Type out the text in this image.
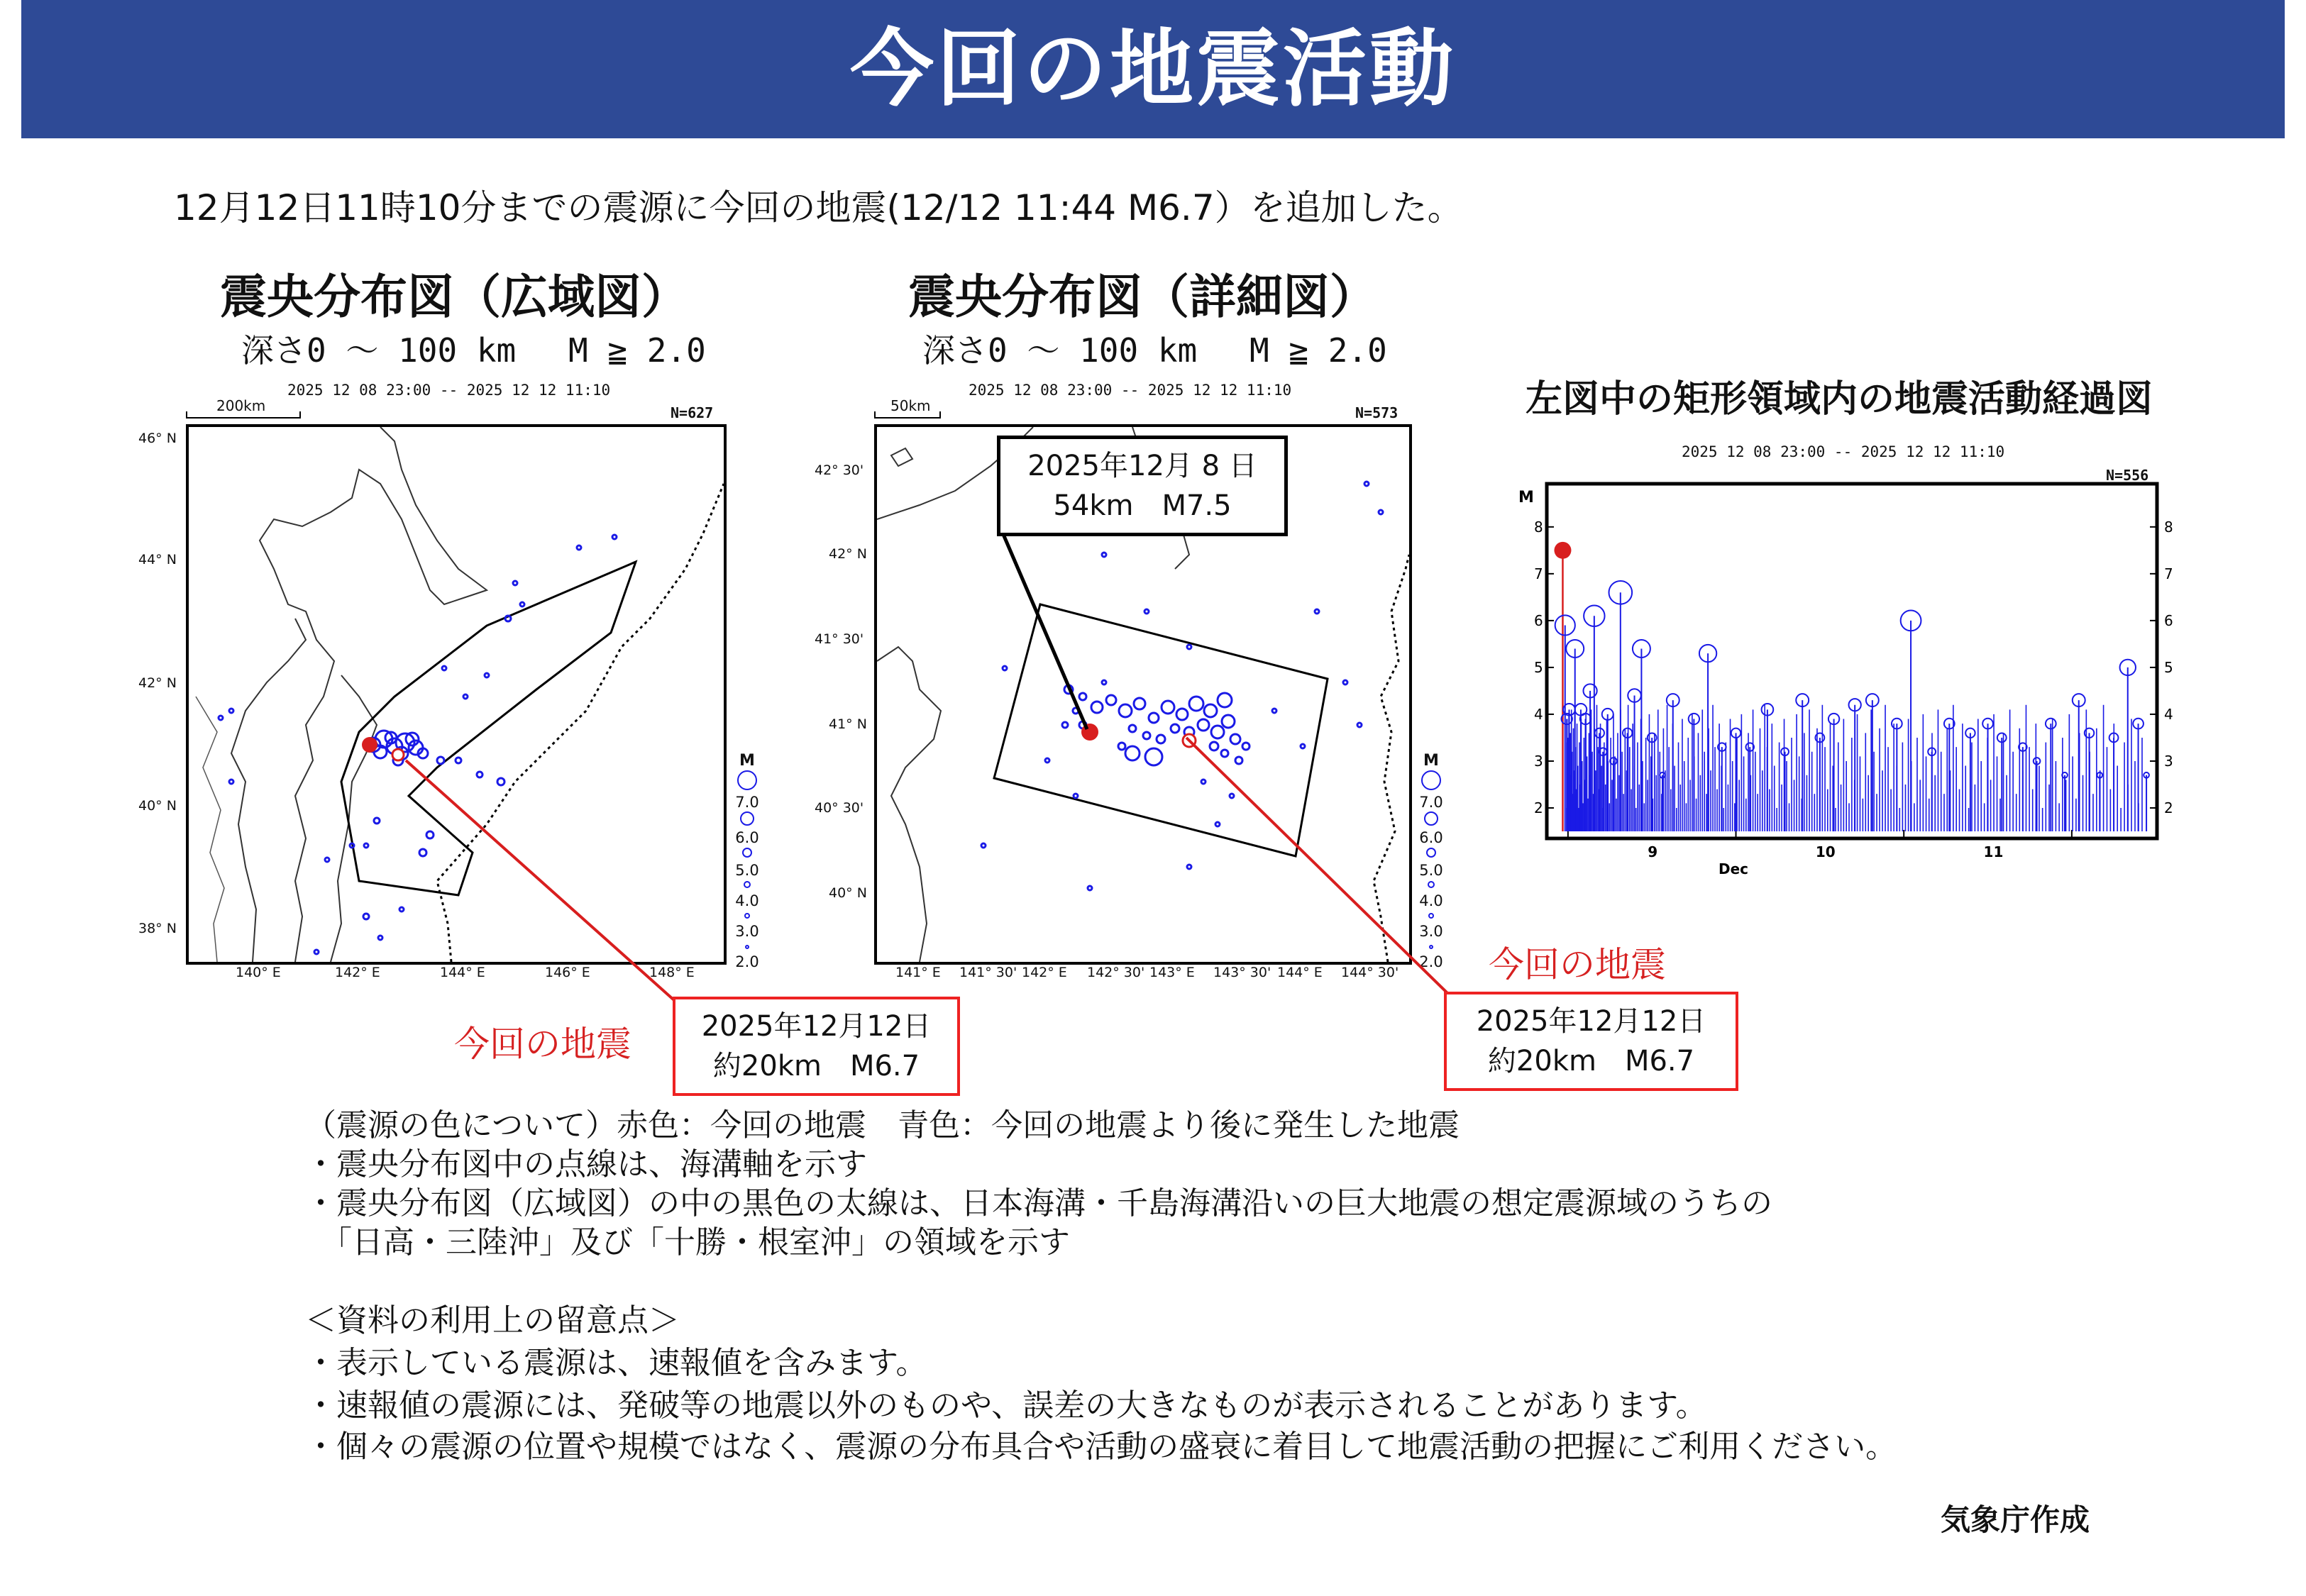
今回の地震活動
12月12日11時10分までの震源に今回の地震(12/12 11:44 M6.7）を追加した。
震央分布図（広域図）
深さ0 ～ 100 km　 M ≧ 2.0
2025 12 08 23:00 -- 2025 12 12 11:10
200km	N=627
46° N
44° N
42° N
40° N
38° N
140° E	142° E	144° E	146° E	148° E
M
7.0
6.0
5.0
4.0
3.0
2.0
震央分布図（詳細図）
深さ0 ～ 100 km　 M ≧ 2.0
2025 12 08 23:00 -- 2025 12 12 11:10
50km	N=573
42° 30'
42° N
41° 30'
41° N
40° 30'
40° N
141° E 141° 30' 142° E 142° 30' 143° E 143° 30' 144° E 144° 30'
M
7.0
6.0
5.0
4.0
3.0
2.0
左図中の矩形領域内の地震活動経過図
2025 12 08 23:00 -- 2025 12 12 11:10
N=556
2	2
3	3
4	4
5	5
6	6
7	7
8	8
9	10	11
M
Dec
2025年12月 8 日
54km　M7.5
今回の地震	2025年12月12日
約20km　M6.7
今回の地震
2025年12月12日
約20km　M6.7
（震源の色について）赤色：今回の地震　青色：今回の地震より後に発生した地震
・震央分布図中の点線は、海溝軸を示す
・震央分布図（広域図）の中の黒色の太線は、日本海溝・千島海溝沿いの巨大地震の想定震源域のうちの
　「日高・三陸沖」及び「十勝・根室沖」の領域を示す
＜資料の利用上の留意点＞
・表示している震源は、速報値を含みます。
・速報値の震源には、発破等の地震以外のものや、誤差の大きなものが表示されることがあります。
・個々の震源の位置や規模ではなく、震源の分布具合や活動の盛衰に着目して地震活動の把握にご利用ください。
気象庁作成
